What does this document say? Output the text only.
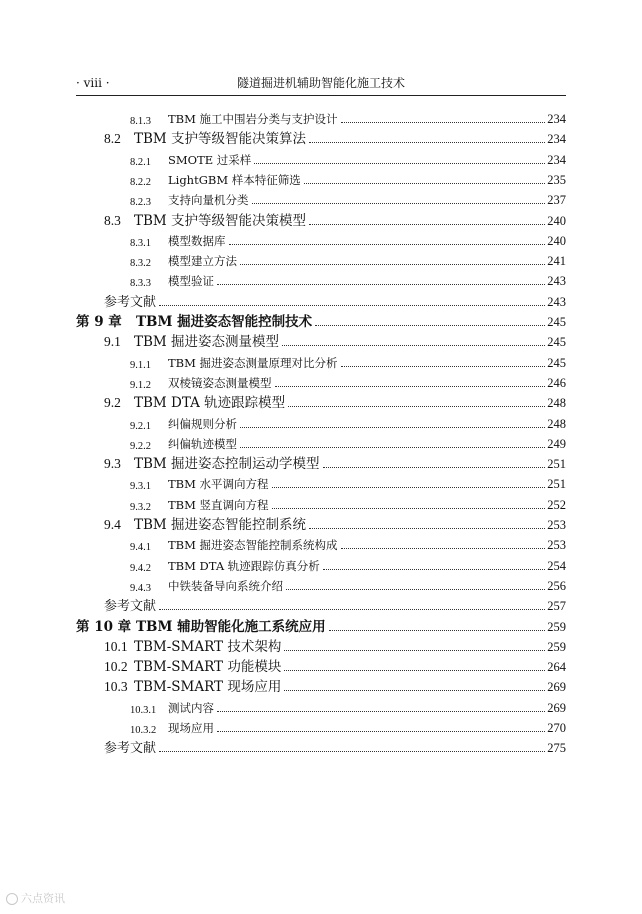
· viii ·	隧道掘进机辅助智能化施工技术
8.1.3	TBM 施工中围岩分类与支护设计	234
8.2 TBM 支护等级智能决策算法	234
8.2.1	SMOTE 过采样	234
8.2.2	LightGBM 样本特征筛选	235
8.2.3	支持向量机分类	237
8.3 TBM 支护等级智能决策模型	240
8.3.1	模型数据库	240
8.3.2	模型建立方法	241
8.3.3	模型验证	243
参考文献	243
第 9 章	TBM 掘进姿态智能控制技术	245
9.1 TBM 掘进姿态测量模型	245
9.1.1	TBM 掘进姿态测量原理对比分析	245
9.1.2	双棱镜姿态测量模型	246
9.2 TBM DTA 轨迹跟踪模型	248
9.2.1	纠偏规则分析	248
9.2.2	纠偏轨迹模型	249
9.3 TBM 掘进姿态控制运动学模型	251
9.3.1	TBM 水平调向方程	251
9.3.2	TBM 竖直调向方程	252
9.4 TBM 掘进姿态智能控制系统	253
9.4.1	TBM 掘进姿态智能控制系统构成	253
9.4.2	TBM DTA 轨迹跟踪仿真分析	254
9.4.3	中铁装备导向系统介绍	256
参考文献	257
第 10 章 TBM 辅助智能化施工系统应用	259
10.1 TBM-SMART 技术架构	259
10.2 TBM-SMART 功能模块	264
10.3 TBM-SMART 现场应用	269
10.3.1	测试内容	269
10.3.2	现场应用	270
参考文献	275
六点资讯
